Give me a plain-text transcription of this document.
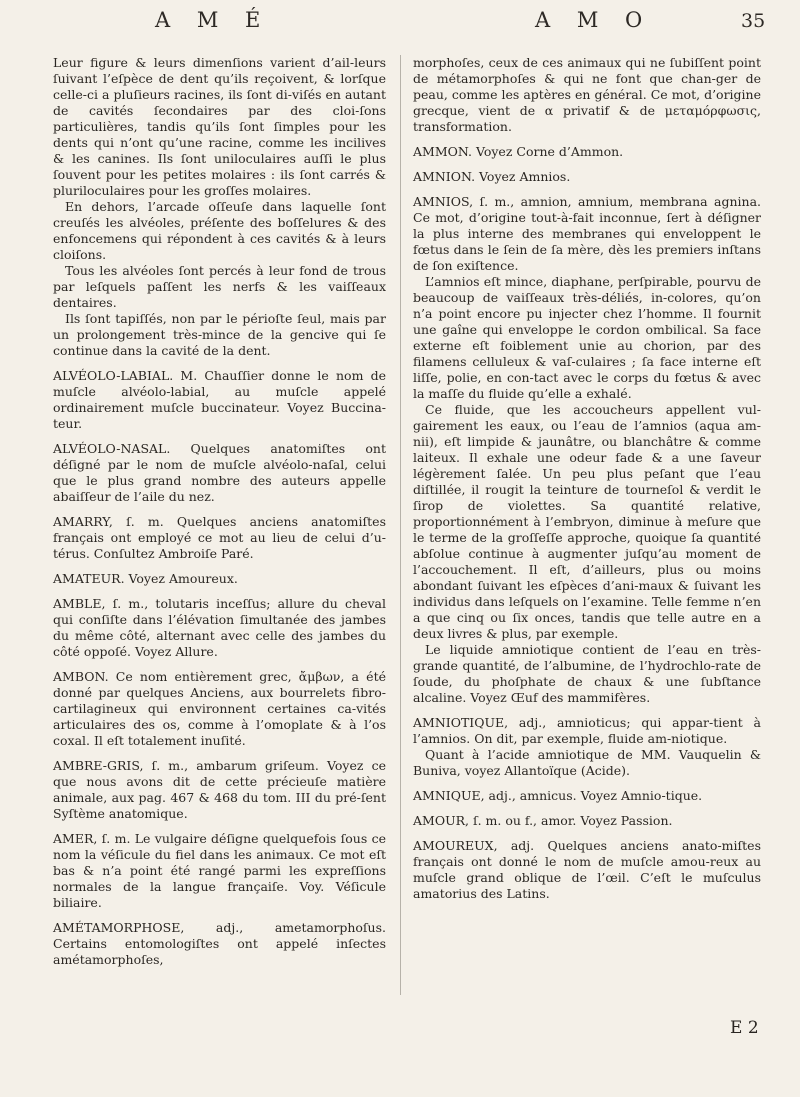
A M É	A M O	35

Leur figure & leurs dimenſions varient d’ail-leurs ſuivant l’eſpèce de dent qu’ils reçoivent, & lorſque celle-ci a pluſieurs racines, ils ſont di-viſés en autant de cavités ſecondaires par des cloi-ſons particulières, tandis qu’ils ſont ſimples pour les dents qui n’ont qu’une racine, comme les incilives & les canines. Ils ſont uniloculaires auſſi le plus ſouvent pour les petites molaires : ils ſont carrés & pluriloculaires pour les groſſes molaires.

En dehors, l’arcade oſſeuſe dans laquelle ſont creuſés les alvéoles, préſente des boſſelures & des enfoncemens qui répondent à ces cavités & à leurs cloiſons.

Tous les alvéoles ſont percés à leur fond de trous par leſquels paſſent les nerfs & les vaiſſeaux dentaires.

Ils ſont tapiſſés, non par le périoſte ſeul, mais par un prolongement très-mince de la gencive qui ſe continue dans la cavité de la dent.

ALVÉOLO-LABIAL. M. Chauſſier donne le nom de muſcle alvéolo-labial, au muſcle appelé ordinairement muſcle buccinateur. Voyez Buccina-teur.

ALVÉOLO-NASAL. Quelques anatomiſtes ont déſigné par le nom de muſcle alvéolo-naſal, celui que le plus grand nombre des auteurs appelle abaiſſeur de l’aile du nez.

AMARRY, ſ. m. Quelques anciens anatomiſtes français ont employé ce mot au lieu de celui d’u-térus. Conſultez Ambroiſe Paré.

AMATEUR. Voyez Amoureux.

AMBLE, ſ. m., tolutaris inceſſus; allure du cheval qui conſiſte dans l’élévation ſimultanée des jambes du même côté, alternant avec celle des jambes du côté oppoſé. Voyez Allure.

AMBON. Ce nom entièrement grec, ἄμβων, a été donné par quelques Anciens, aux bourrelets fibro-cartilagineux qui environnent certaines ca-vités articulaires des os, comme à l’omoplate & à l’os coxal. Il eſt totalement inuſité.

AMBRE-GRIS, ſ. m., ambarum griſeum. Voyez ce que nous avons dit de cette précieuſe matière animale, aux pag. 467 & 468 du tom. III du pré-ſent Syſtème anatomique.

AMER, ſ. m. Le vulgaire déſigne quelquefois ſous ce nom la véſicule du fiel dans les animaux. Ce mot eſt bas & n’a point été rangé parmi les expreſſions normales de la langue françaiſe. Voy. Véſicule biliaire.

AMÉTAMORPHOSE, adj., ametamorphoſus. Certains entomologiſtes ont appelé inſectes amétamorphoſes,

morphoſes, ceux de ces animaux qui ne ſubiſſent point de métamorphoſes & qui ne font que chan-ger de peau, comme les aptères en général. Ce mot, d’origine grecque, vient de α privatif & de μεταμόρφωσις, transformation.

AMMON. Voyez Corne d’Ammon.

AMNION. Voyez Amnios.

AMNIOS, ſ. m., amnion, amnium, membrana agnina. Ce mot, d’origine tout-à-fait inconnue, ſert à déſigner la plus interne des membranes qui enveloppent le fœtus dans le ſein de ſa mère, dès les premiers inſtans de ſon exiſtence.

L’amnios eſt mince, diaphane, perſpirable, pourvu de beaucoup de vaiſſeaux très-déliés, in-colores, qu’on n’a point encore pu injecter chez l’homme. Il fournit une gaîne qui enveloppe le cordon ombilical. Sa face externe eſt foiblement unie au chorion, par des filamens celluleux & vaſ-culaires ; ſa face interne eſt liſſe, polie, en con-tact avec le corps du fœtus & avec la maſſe du fluide qu’elle a exhalé.

Ce fluide, que les accoucheurs appellent vul-gairement les eaux, ou l’eau de l’amnios (aqua am-nii), eſt limpide & jaunâtre, ou blanchâtre & comme laiteux. Il exhale une odeur fade & a une ſaveur légèrement ſalée. Un peu plus peſant que l’eau diſtillée, il rougit la teinture de tourneſol & verdit le ſirop de violettes. Sa quantité relative, proportionnément à l’embryon, diminue à meſure que le terme de la groſſeſſe approche, quoique ſa quantité abſolue continue à augmenter juſqu’au moment de l’accouchement. Il eſt, d’ailleurs, plus ou moins abondant ſuivant les eſpèces d’ani-maux & ſuivant les individus dans leſquels on l’examine. Telle femme n’en a que cinq ou ſix onces, tandis que telle autre en a deux livres & plus, par exemple.

Le liquide amniotique contient de l’eau en très-grande quantité, de l’albumine, de l’hydrochlo-rate de ſoude, du phoſphate de chaux & une ſubſtance alcaline. Voyez Œuf des mammifères.

AMNIOTIQUE, adj., amnioticus; qui appar-tient à l’amnios. On dit, par exemple, fluide am-niotique.

Quant à l’acide amniotique de MM. Vauquelin & Buniva, voyez Allantoïque (Acide).

AMNIQUE, adj., amnicus. Voyez Amnio-tique.

AMOUR, ſ. m. ou f., amor. Voyez Passion.

AMOUREUX, adj. Quelques anciens anato-miſtes français ont donné le nom de muſcle amou-reux au muſcle grand oblique de l’œil. C’eſt le muſculus amatorius des Latins.

E 2
